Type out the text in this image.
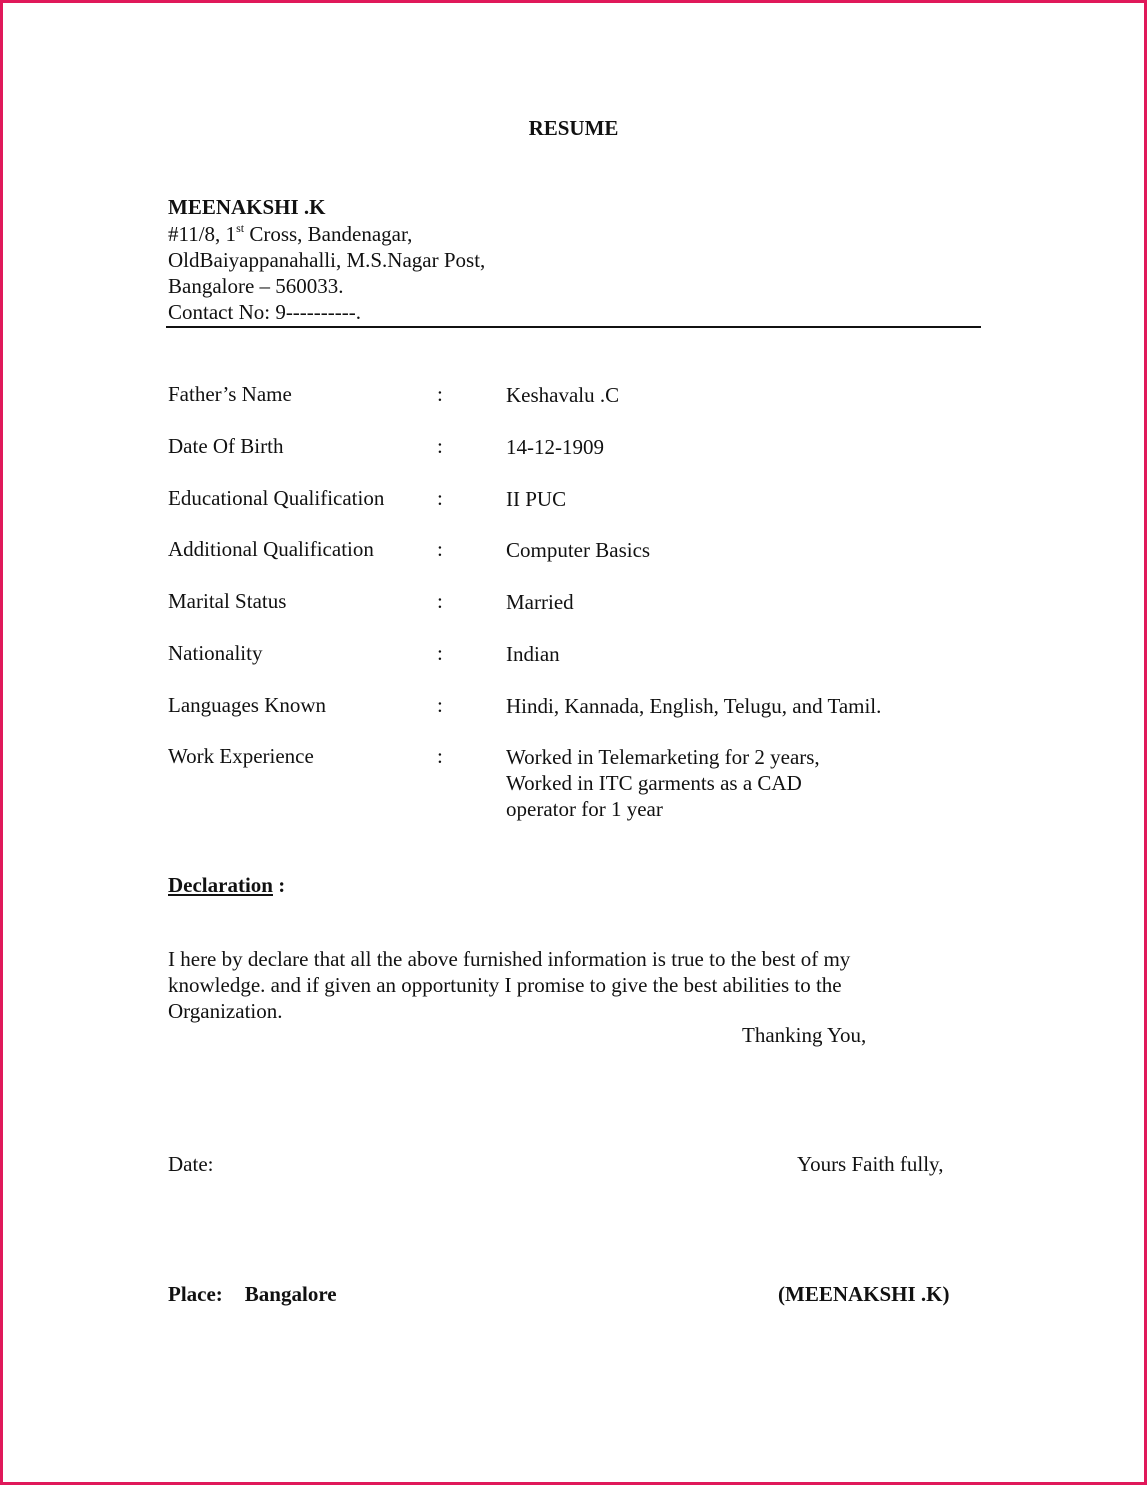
RESUME
MEENAKSHI .K
#11/8, 1st Cross, Bandenagar,
OldBaiyappanahalli, M.S.Nagar Post,
Bangalore – 560033.
Contact No: 9----------.
Father’s Name	:	Keshavalu .C
Date Of Birth	:	14-12-1909
Educational Qualification	:	II PUC
Additional Qualification	:	Computer Basics
Marital Status	:	Married
Nationality	:	Indian
Languages Known	:	Hindi, Kannada, English, Telugu, and Tamil.
Work Experience	:	Worked in Telemarketing for 2 years,
Worked in ITC garments as a CAD
operator for 1 year
Declaration :
I here by declare that all the above furnished information is true to the best of my knowledge. and if given an opportunity I promise to give the best abilities to the Organization.
Thanking You,
Date:	Yours Faith fully,
Place: Bangalore	(MEENAKSHI .K)
